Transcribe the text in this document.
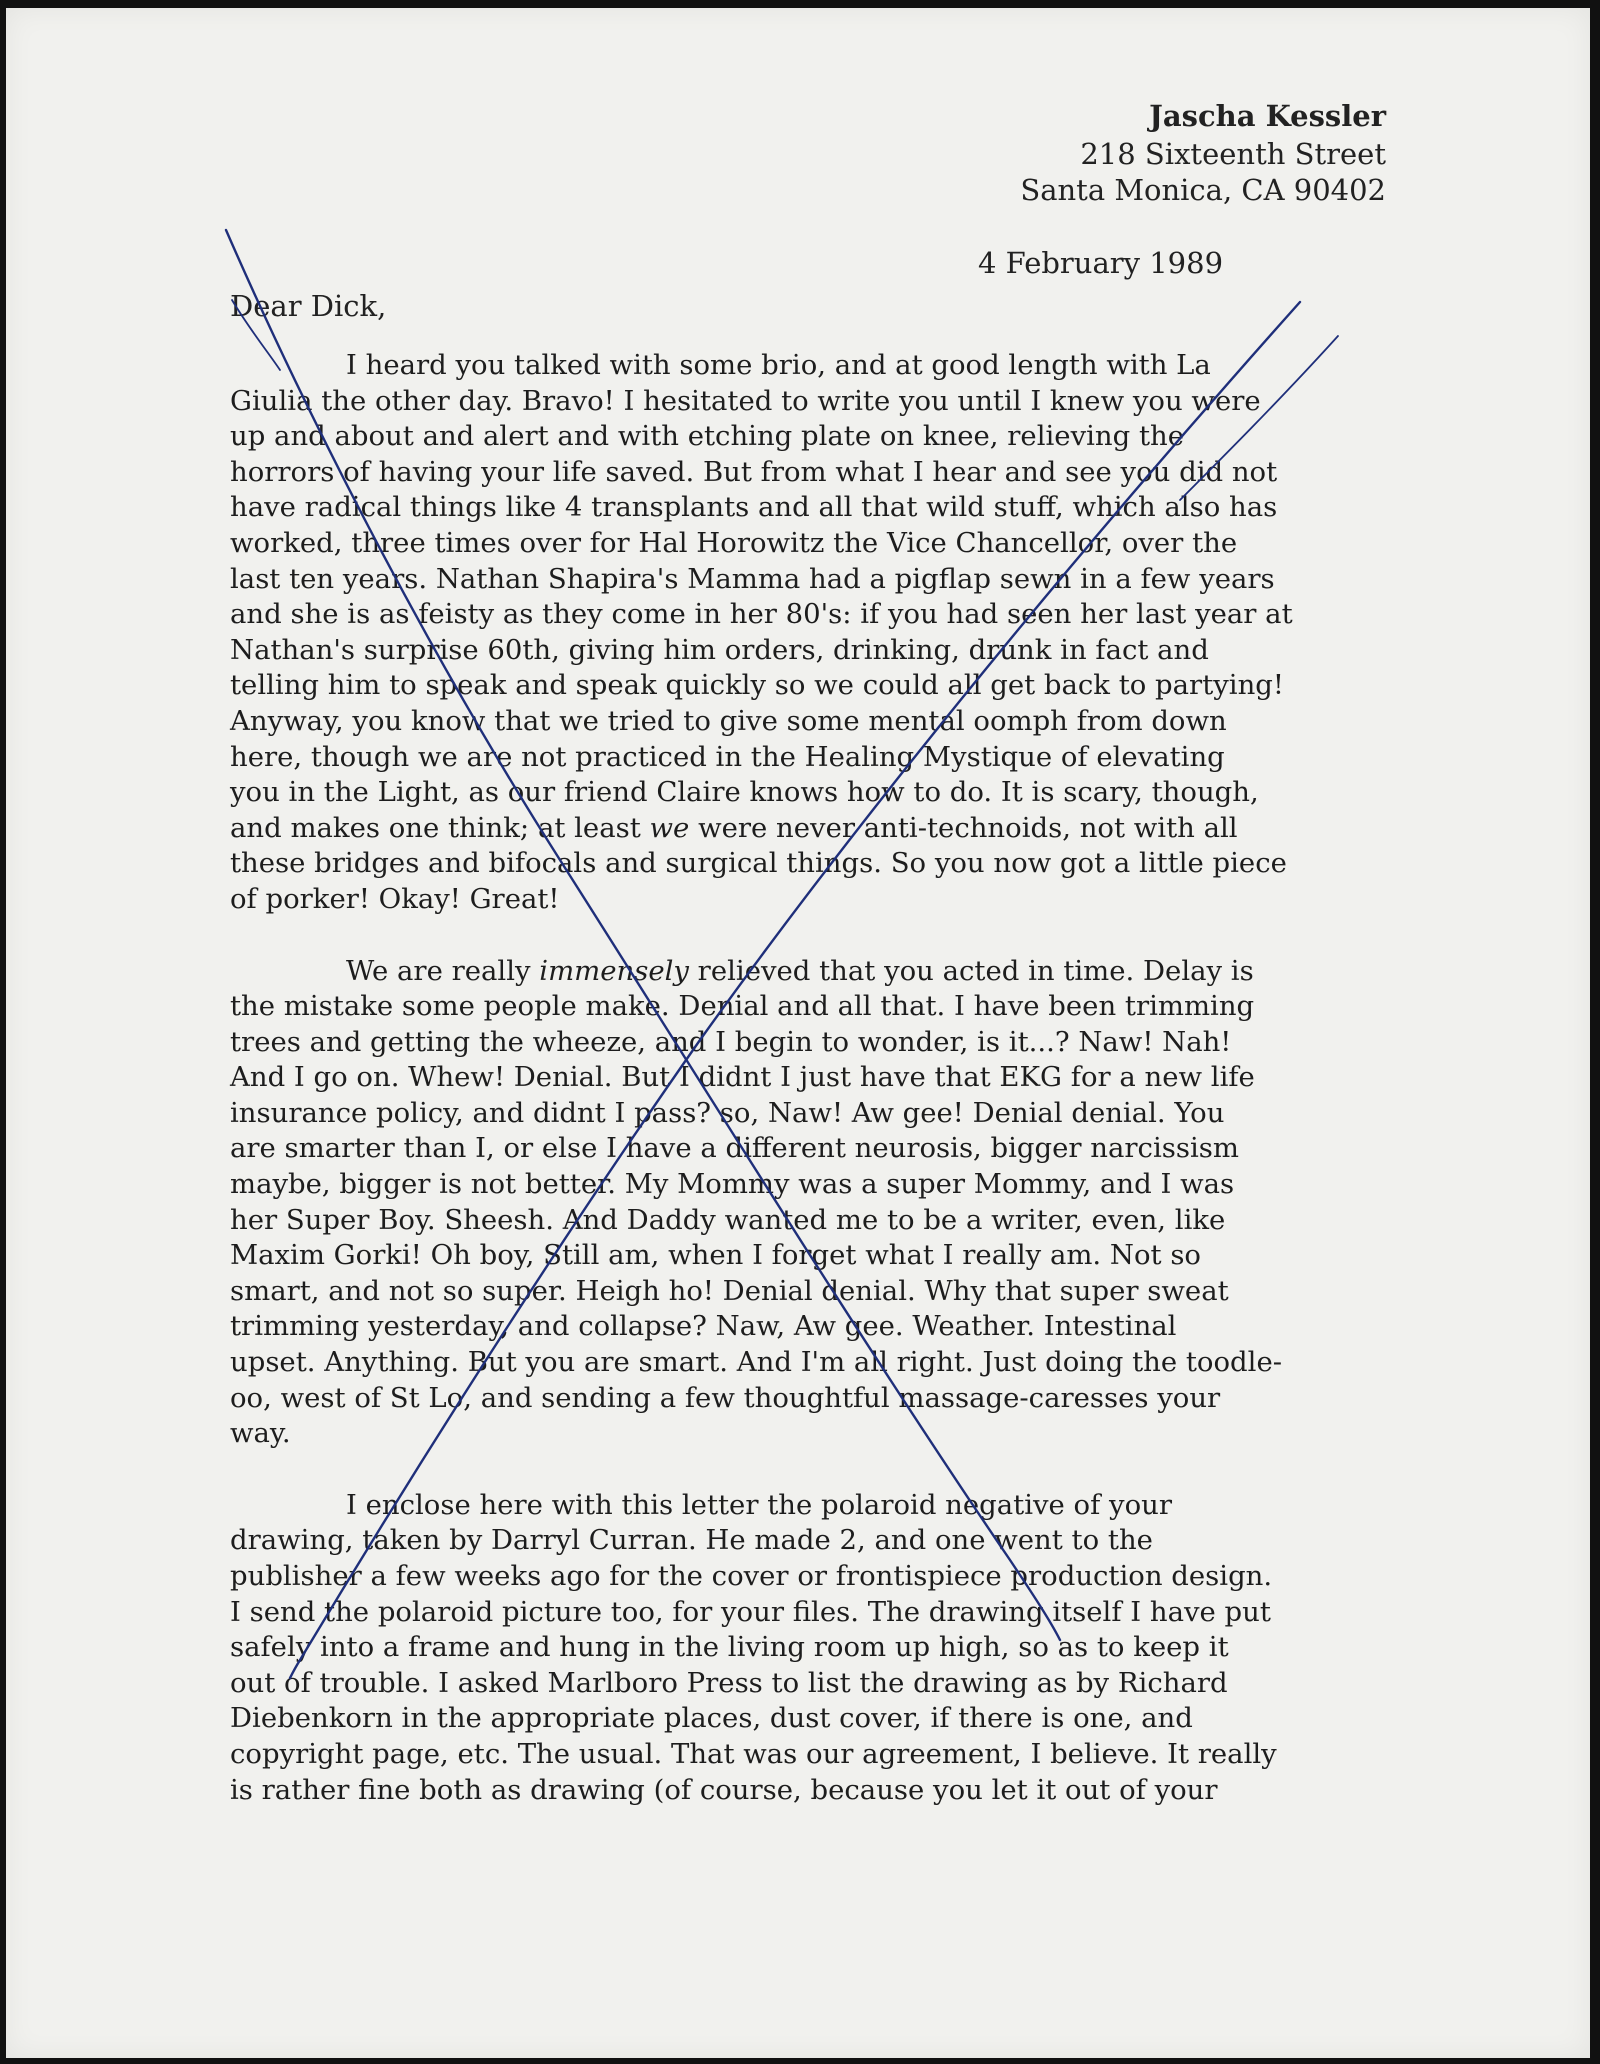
Jascha Kessler
218 Sixteenth Street
Santa Monica, CA 90402
4 February 1989
Dear Dick,
I heard you talked with some brio, and at good length with La
Giulia the other day. Bravo! I hesitated to write you until I knew you were
up and about and alert and with etching plate on knee, relieving the
horrors of having your life saved. But from what I hear and see you did not
have radical things like 4 transplants and all that wild stuff, which also has
worked, three times over for Hal Horowitz the Vice Chancellor, over the
last ten years. Nathan Shapira's Mamma had a pigflap sewn in a few years
and she is as feisty as they come in her 80's: if you had seen her last year at
Nathan's surprise 60th, giving him orders, drinking, drunk in fact and
telling him to speak and speak quickly so we could all get back to partying!
Anyway, you know that we tried to give some mental oomph from down
here, though we are not practiced in the Healing Mystique of elevating
you in the Light, as our friend Claire knows how to do. It is scary, though,
and makes one think; at least we were never anti-technoids, not with all
these bridges and bifocals and surgical things. So you now got a little piece
of porker! Okay! Great!
We are really immensely relieved that you acted in time. Delay is
the mistake some people make. Denial and all that. I have been trimming
trees and getting the wheeze, and I begin to wonder, is it...? Naw! Nah!
And I go on. Whew! Denial. But I didnt I just have that EKG for a new life
insurance policy, and didnt I pass? so, Naw! Aw gee! Denial denial. You
are smarter than I, or else I have a different neurosis, bigger narcissism
maybe, bigger is not better. My Mommy was a super Mommy, and I was
her Super Boy. Sheesh. And Daddy wanted me to be a writer, even, like
Maxim Gorki! Oh boy, Still am, when I forget what I really am. Not so
smart, and not so super. Heigh ho! Denial denial. Why that super sweat
trimming yesterday, and collapse? Naw, Aw gee. Weather. Intestinal
upset. Anything. But you are smart. And I'm all right. Just doing the toodle-
oo, west of St Lo, and sending a few thoughtful massage-caresses your
way.
I enclose here with this letter the polaroid negative of your
drawing, taken by Darryl Curran. He made 2, and one went to the
publisher a few weeks ago for the cover or frontispiece production design.
I send the polaroid picture too, for your files. The drawing itself I have put
safely into a frame and hung in the living room up high, so as to keep it
out of trouble. I asked Marlboro Press to list the drawing as by Richard
Diebenkorn in the appropriate places, dust cover, if there is one, and
copyright page, etc. The usual. That was our agreement, I believe. It really
is rather fine both as drawing (of course, because you let it out of your
